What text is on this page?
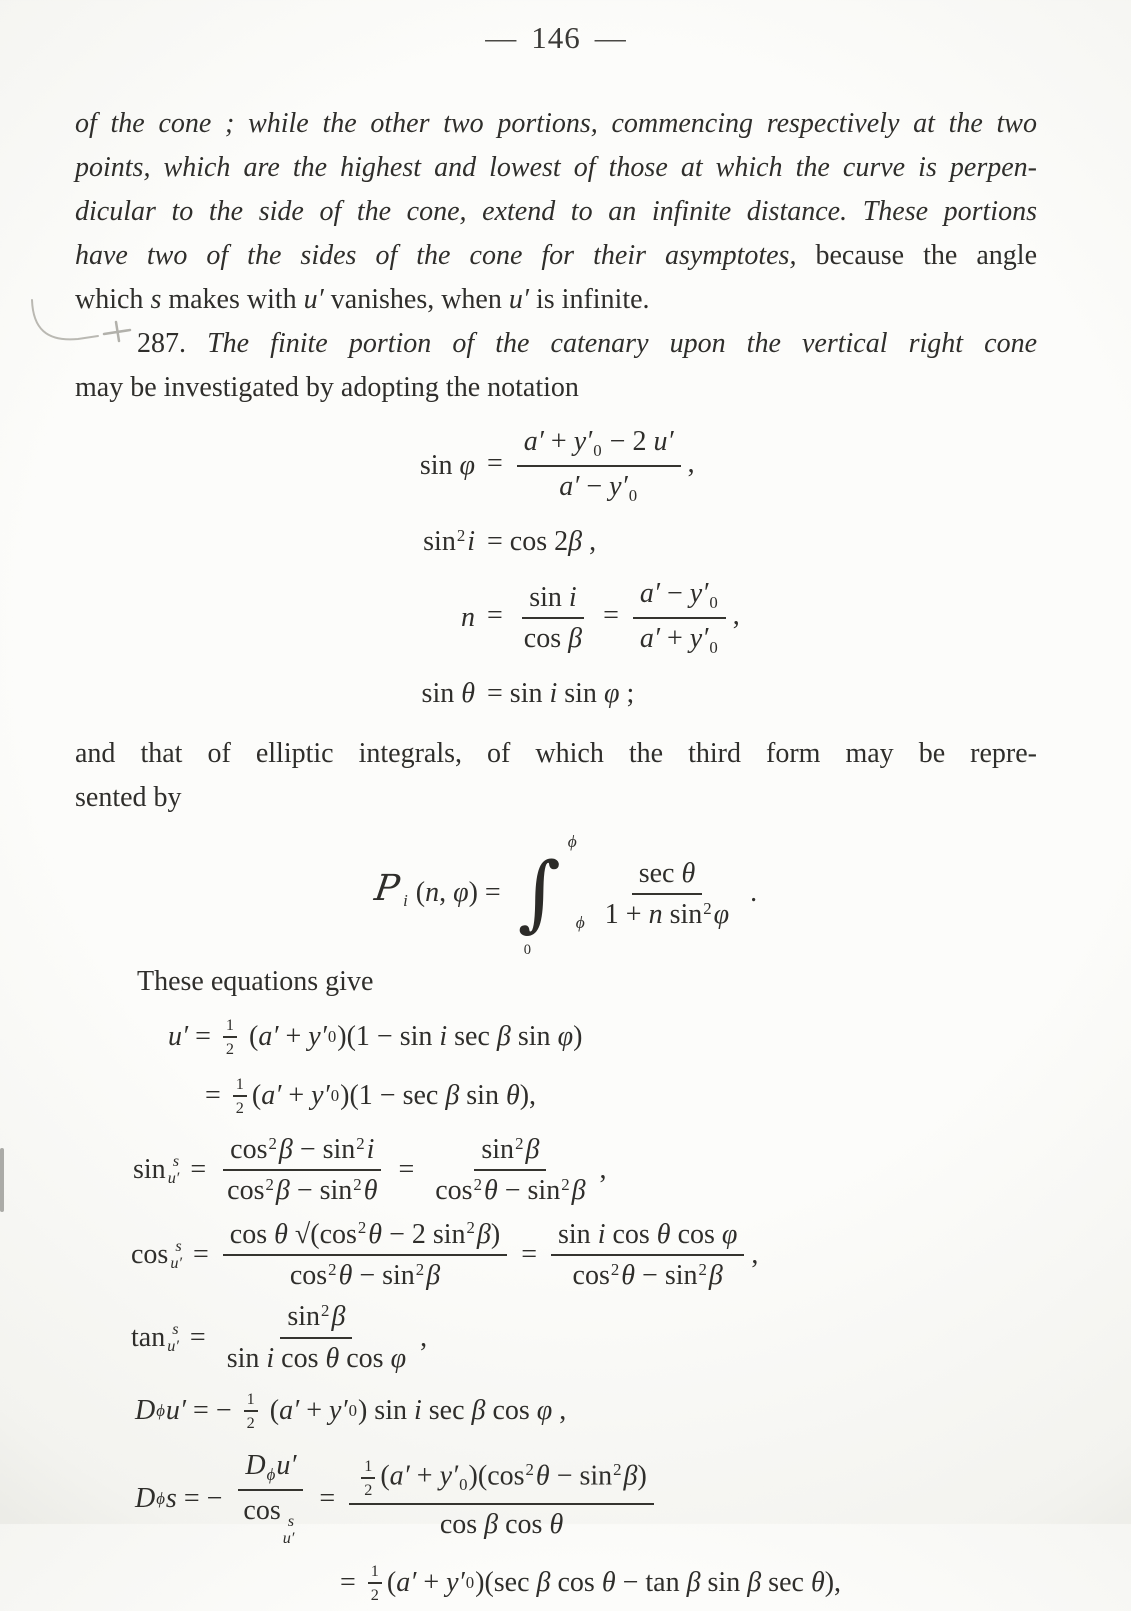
— 146 —
of the cone ; while the other two portions, commencing respectively at the two
points, which are the highest and lowest of those at which the curve is perpen-
dicular to the side of the cone, extend to an infinite distance. These portions
have two of the sides of the cone for their asymptotes, because the angle
which s makes with u′ vanishes, when u′ is infinite.
287. The finite portion of the catenary upon the vertical right cone
may be investigated by adopting the notation
$\sin \varphi = \frac{a' + y'_0 - 2 u'}{a' - y'_0}$ ,
$\sin^2i = \cos 2\beta$ ,
$n = \frac{\text{sin i}}{\text{cos β}} = \frac{a' - y'_0}{a' + y'_0}$ ,
sin θ = sin i sin φ ;
and that of elliptic integrals, of which the third form may be repre-
sented by
$P_i$ (n, φ) = ∫
ϕ
ϕ
0
sec θ
1 + n $\sin^2\varphi$
.
These equations give
$u' = \frac{1}{2}$ ( a′ + y′ 0 )(1 − sin i sec β sin φ )
= $\frac{1}{2}$ ( a′ + y′ 0 )(1 − sec β sin θ ),
sin s
$u' = \frac{\cos^2\beta - \sin^2i}{\cos^2\beta - \sin^2\theta} = \frac{\sin^2\beta}{\cos^2\theta - \sin^2\beta}$ ,
cos s
$u' = \frac{\cos \theta √(\cos^2\theta - 2 \sin^2\beta)}{\cos^2\theta - \sin^2\beta} = \frac{\text{sin i cos θ cos φ}}{\cos^2\theta - \sin^2\beta}$ ,
tan s
$u' = \frac{\sin^2\beta}{\text{sin i cos θ cos φ}}$ ,
D ϕ u′ = − $\frac{1}{2}$ ( a′ + y′ 0 ) sin i sec β cos φ ,
D ϕ s = −
$D_\phi u'$
cos s
u′
= $\frac{\frac{1}{2} (a' + y'_0)(\cos^2\theta - \sin^2\beta)}{\text{cos β cos θ}}$
= $\frac{1}{2}$ ( a′ + y′ 0 )(sec β cos θ − tan β sin β sec θ ),
